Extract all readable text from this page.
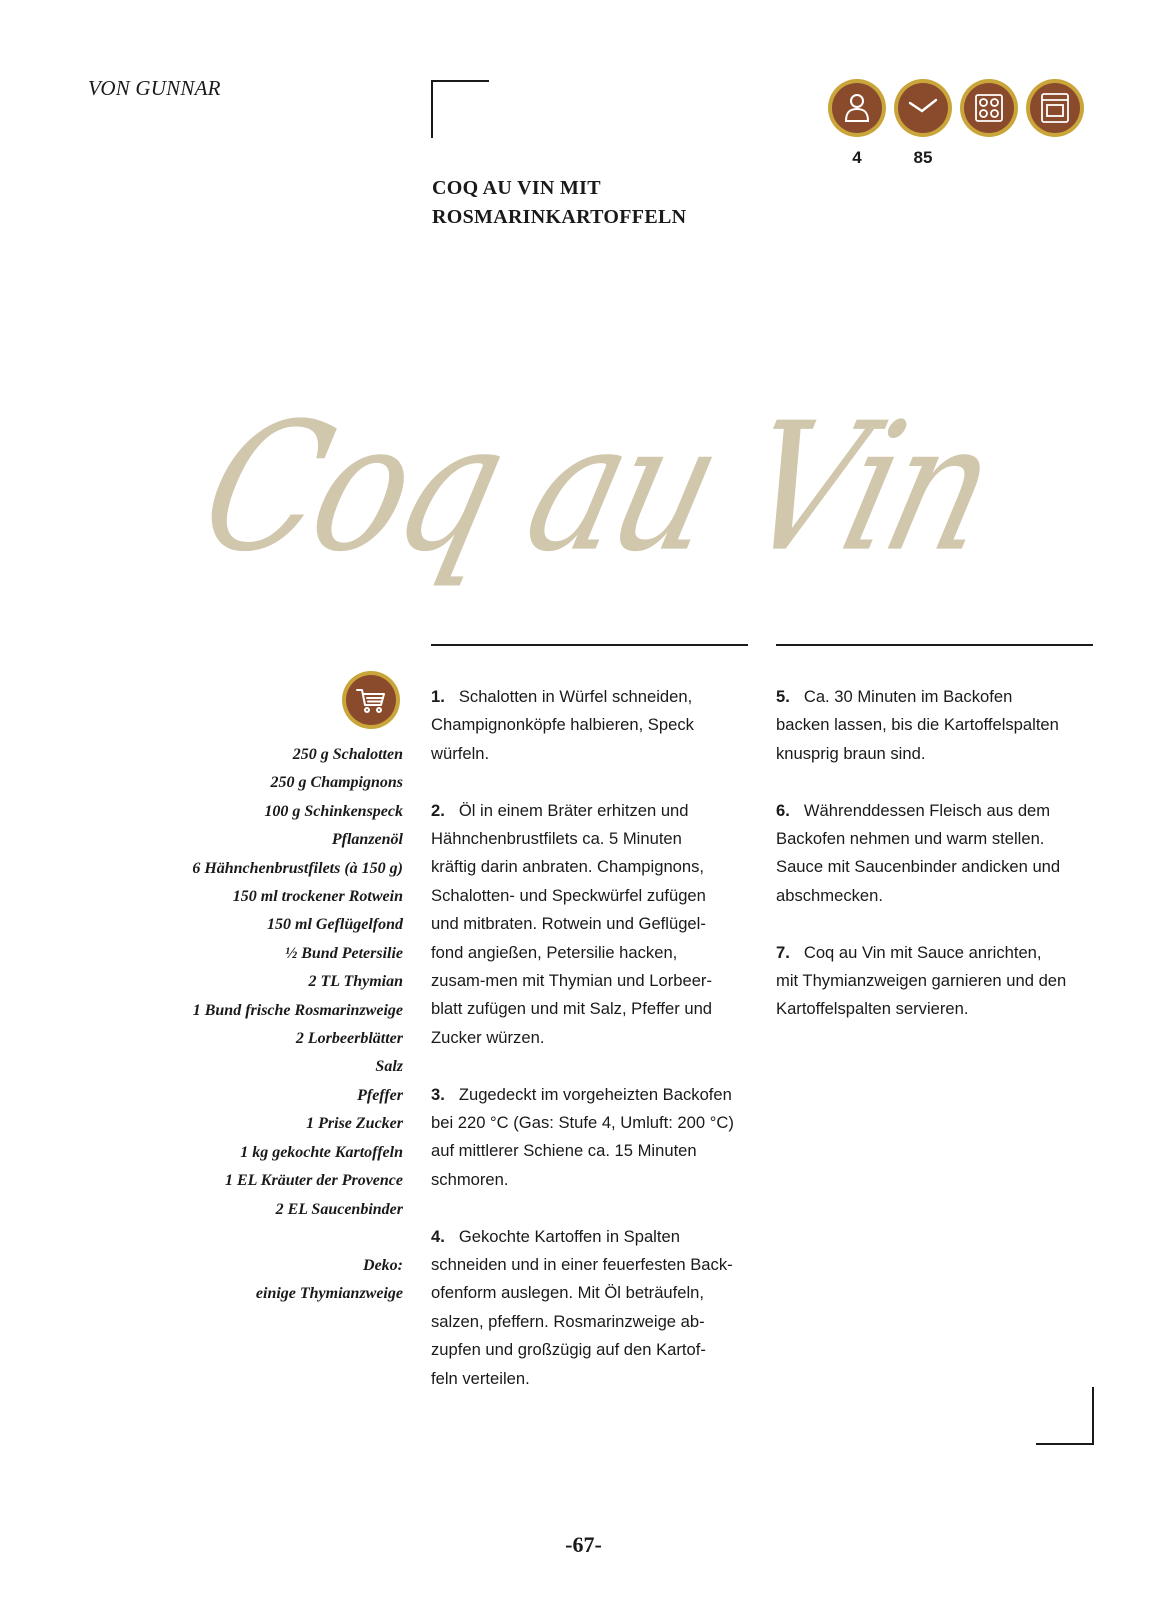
VON GUNNAR
COQ AU VIN MIT
ROSMARINKARTOFFELN
4	85
Coq au Vin
250 g Schalotten
250 g Champignons
100 g Schinkenspeck
Pflanzenöl
6 Hähnchenbrustfilets (à 150 g)
150 ml trockener Rotwein
150 ml Geflügelfond
½ Bund Petersilie
2 TL Thymian
1 Bund frische Rosmarinzweige
2 Lorbeerblätter
Salz
Pfeffer
1 Prise Zucker
1 kg gekochte Kartoffeln
1 EL Kräuter der Provence
2 EL Saucenbinder
Deko:
einige Thymianzweige
1. Schalotten in Würfel schneiden,
Champignonköpfe halbieren, Speck
würfeln.
2. Öl in einem Bräter erhitzen und
Hähnchenbrustfilets ca. 5 Minuten
kräftig darin anbraten. Champignons,
Schalotten- und Speckwürfel zufügen
und mitbraten. Rotwein und Geflügel-
fond angießen, Petersilie hacken,
zusam-men mit Thymian und Lorbeer-
blatt zufügen und mit Salz, Pfeffer und
Zucker würzen.
3. Zugedeckt im vorgeheizten Backofen
bei 220 °C (Gas: Stufe 4, Umluft: 200 °C)
auf mittlerer Schiene ca. 15 Minuten
schmoren.
4. Gekochte Kartoffen in Spalten
schneiden und in einer feuerfesten Back-
ofenform auslegen. Mit Öl beträufeln,
salzen, pfeffern. Rosmarinzweige ab-
zupfen und großzügig auf den Kartof-
feln verteilen.
5. Ca. 30 Minuten im Backofen
backen lassen, bis die Kartoffelspalten
knusprig braun sind.
6. Währenddessen Fleisch aus dem
Backofen nehmen und warm stellen.
Sauce mit Saucenbinder andicken und
abschmecken.
7. Coq au Vin mit Sauce anrichten,
mit Thymianzweigen garnieren und den
Kartoffelspalten servieren.
-67-
